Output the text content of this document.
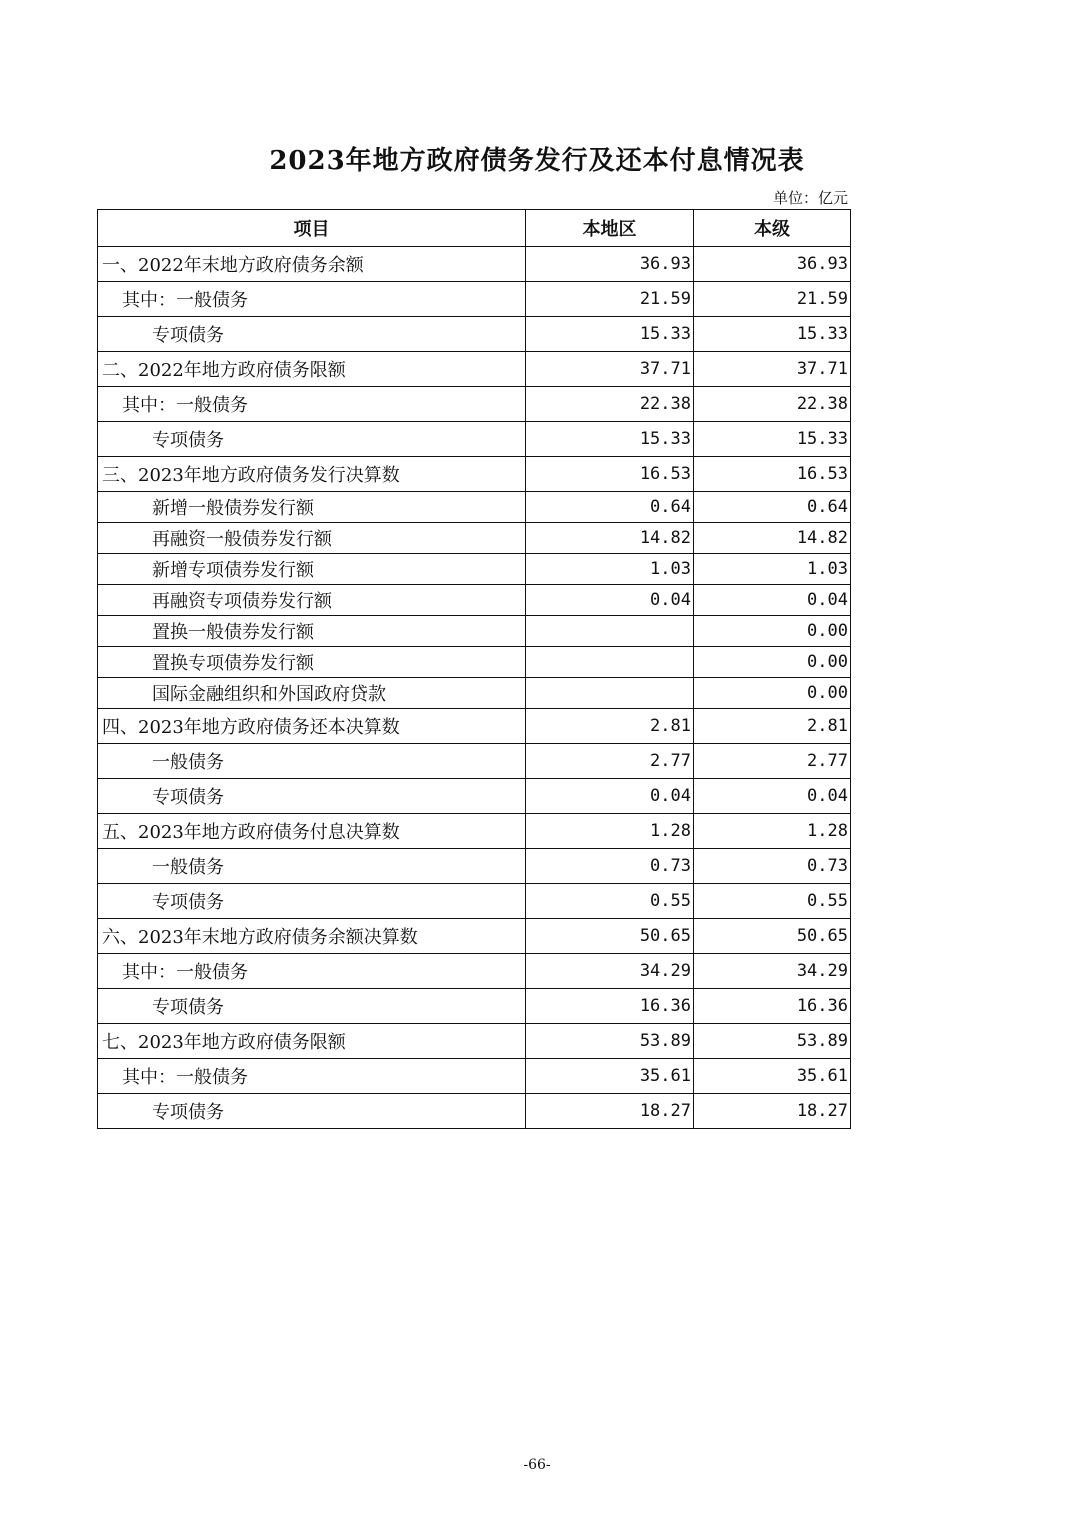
2023年地方政府债务发行及还本付息情况表
单位：亿元
项目	本地区	本级
一、2022年末地方政府债务余额	36.93	36.93
其中：一般债务	21.59	21.59
专项债务	15.33	15.33
二、2022年地方政府债务限额	37.71	37.71
其中：一般债务	22.38	22.38
专项债务	15.33	15.33
三、2023年地方政府债务发行决算数	16.53	16.53
新增一般债券发行额	0.64	0.64
再融资一般债券发行额	14.82	14.82
新增专项债券发行额	1.03	1.03
再融资专项债券发行额	0.04	0.04
置换一般债券发行额		0.00
置换专项债券发行额		0.00
国际金融组织和外国政府贷款		0.00
四、2023年地方政府债务还本决算数	2.81	2.81
一般债务	2.77	2.77
专项债务	0.04	0.04
五、2023年地方政府债务付息决算数	1.28	1.28
一般债务	0.73	0.73
专项债务	0.55	0.55
六、2023年末地方政府债务余额决算数	50.65	50.65
其中：一般债务	34.29	34.29
专项债务	16.36	16.36
七、2023年地方政府债务限额	53.89	53.89
其中：一般债务	35.61	35.61
专项债务	18.27	18.27
-66-
